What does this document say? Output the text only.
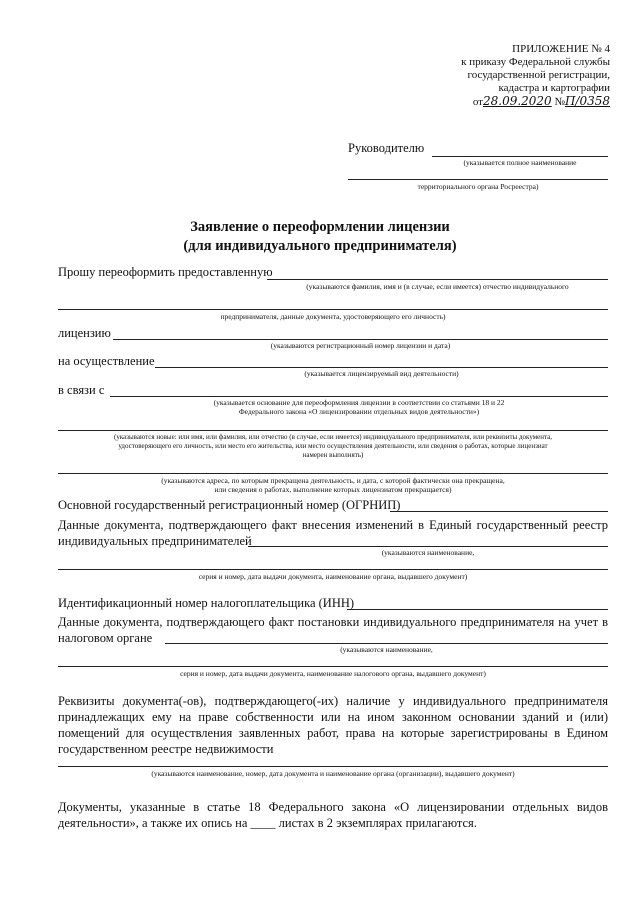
ПРИЛОЖЕНИЕ № 4
к приказу Федеральной службы
государственной регистрации,
кадастра и картографии
от28.09.2020 №П/0358
Руководителю
(указывается полное наименование
территориального органа Росреестра)
Заявление о переоформлении лицензии
(для индивидуального предпринимателя)
Прошу переоформить предоставленную
(указываются фамилия, имя и (в случае, если имеется) отчество индивидуального
предпринимателя, данные документа, удостоверяющего его личность)
лицензию
(указываются регистрационный номер лицензии и дата)
на осуществление
(указывается лицензируемый вид деятельности)
в связи с
(указывается основание для переоформления лицензии в соответствии со статьями 18 и 22
Федерального закона «О лицензировании отдельных видов деятельности»)
(указываются новые: или имя, или фамилия, или отчество (в случае, если имеется) индивидуального предпринимателя, или реквизиты документа,
удостоверяющего его личность, или место его жительства, или место осуществления деятельности, или сведения о работах, которые лицензиат
намерен выполнять)
(указываются адреса, по которым прекращена деятельность, и дата, с которой фактически она прекращена,
или сведения о работах, выполнение которых лицензиатом прекращается)
Основной государственный регистрационный номер (ОГРНИП)
Данные документа, подтверждающего факт внесения изменений в Единый государственный реестр индивидуальных предпринимателей
(указываются наименование,
серия и номер, дата выдачи документа, наименование органа, выдавшего документ)
Идентификационный номер налогоплательщика (ИНН)
Данные документа, подтверждающего факт постановки индивидуального предпринимателя на учет в налоговом органе
(указываются наименование,
серия и номер, дата выдачи документа, наименование налогового органа, выдавшего документ)
Реквизиты документа(-ов), подтверждающего(-их) наличие у индивидуального предпринимателя принадлежащих ему на праве собственности или на ином законном основании зданий и (или) помещений для осуществления заявленных работ, права на которые зарегистрированы в Едином государственном реестре недвижимости
(указываются наименование, номер, дата документа и наименование органа (организации), выдавшего документ)
Документы, указанные в статье 18 Федерального закона «О лицензировании отдельных видов деятельности», а также их опись на ____ листах в 2 экземплярах прилагаются.
